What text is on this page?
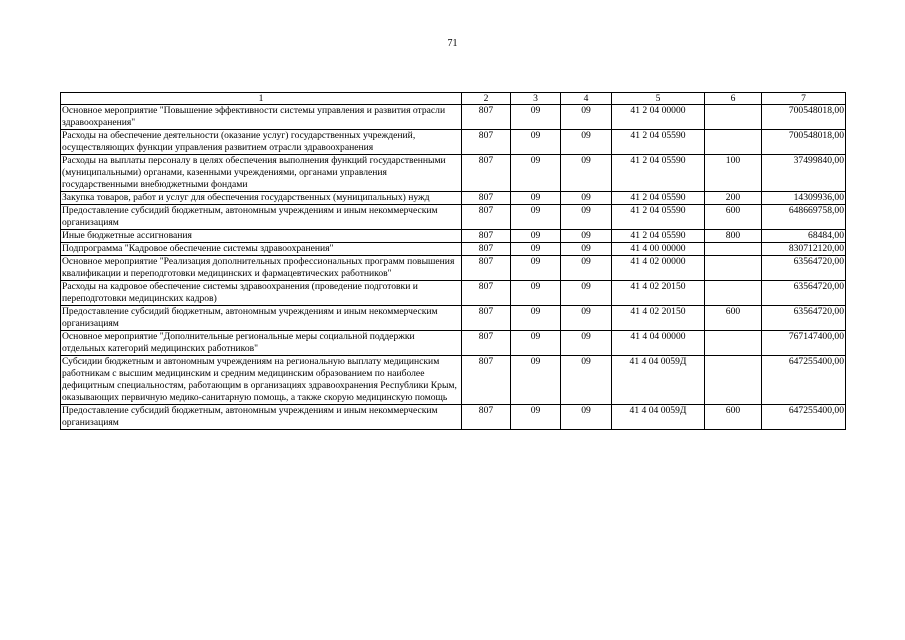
71
1	2	3	4	5	6	7
Основное мероприятие "Повышение эффективности системы управления и развития отрасли здравоохранения"	807	09	09	41 2 04 00000		700548018,00
Расходы на обеспечение деятельности (оказание услуг) государственных учреждений, осуществляющих функции управления развитием отрасли здравоохранения	807	09	09	41 2 04 05590		700548018,00
Расходы на выплаты персоналу в целях обеспечения выполнения функций государственными (муниципальными) органами, казенными учреждениями, органами управления государственными внебюджетными фондами	807	09	09	41 2 04 05590	100	37499840,00
Закупка товаров, работ и услуг для обеспечения государственных (муниципальных) нужд	807	09	09	41 2 04 05590	200	14309936,00
Предоставление субсидий бюджетным, автономным учреждениям и иным некоммерческим организациям	807	09	09	41 2 04 05590	600	648669758,00
Иные бюджетные ассигнования	807	09	09	41 2 04 05590	800	68484,00
Подпрограмма "Кадровое обеспечение системы здравоохранения"	807	09	09	41 4 00 00000		830712120,00
Основное мероприятие "Реализация дополнительных профессиональных программ повышения квалификации и переподготовки медицинских и фармацевтических работников"	807	09	09	41 4 02 00000		63564720,00
Расходы на кадровое обеспечение системы здравоохранения (проведение подготовки и переподготовки медицинских кадров)	807	09	09	41 4 02 20150		63564720,00
Предоставление субсидий бюджетным, автономным учреждениям и иным некоммерческим организациям	807	09	09	41 4 02 20150	600	63564720,00
Основное мероприятие "Дополнительные региональные меры социальной поддержки отдельных категорий медицинских работников"	807	09	09	41 4 04 00000		767147400,00
Субсидии бюджетным и автономным учреждениям на региональную выплату медицинским работникам с высшим медицинским и средним медицинским образованием по наиболее дефицитным специальностям, работающим в организациях здравоохранения Республики Крым, оказывающих первичную медико-санитарную помощь, а также скорую медицинскую помощь	807	09	09	41 4 04 0059Д		647255400,00
Предоставление субсидий бюджетным, автономным учреждениям и иным некоммерческим организациям	807	09	09	41 4 04 0059Д	600	647255400,00
